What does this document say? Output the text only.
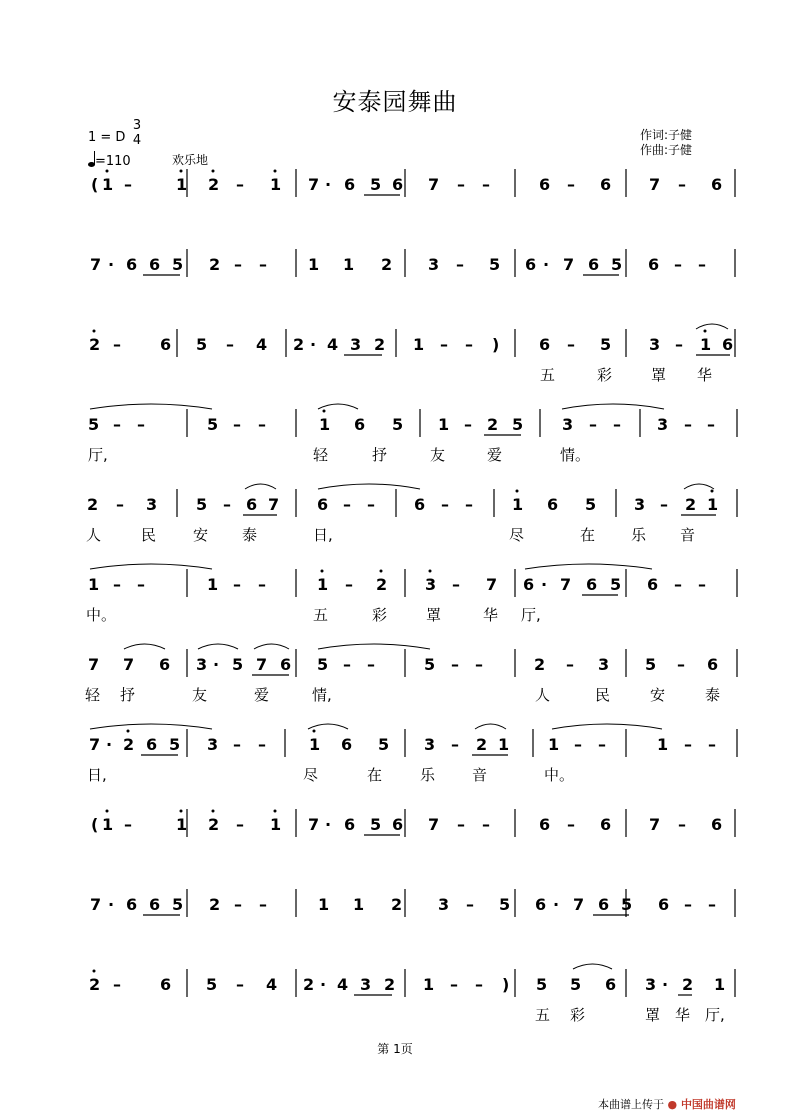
安泰园舞曲
1 = D
3
4
=110	欢乐地
作词:子健
作曲:子健
( 1 –	1 2 – 1 7 · 6 5 6 7 – –	6 – 6 7 – 6
7 · 6 6 5 2 – –	1 1 2 3 – 5 6 · 7 6 5 6 – –
2 – 6 5 – 4 2 · 4 3 2 1 – – ) 6 – 5 3 – 1 6
五	彩	罩 华
5 – –	5 – –	1 6 5 1 – 2 5 3 – – 3 – –
厅,	轻	抒	友	爱	情。
2 – 3 5 – 6 7 6 – – 6 – – 1 6 5 3 – 2 1
人	民 安 泰	日,	尽	在 乐 音
1 – –	1 – –	1 – 2 3 – 7 6 · 7 6 5 6 – –
中。	五	彩	罩	华 厅,
7 7 6 3 · 5 7 6 5 – –	5 – –	2 – 3 5 – 6
轻 抒	友	爱	情,	人	民	安	泰
7 · 2 6 5 3 – –	1 6 5 3 – 2 1 1 – –	1 – –
日,	尽	在	乐 音	中。
( 1 –	1 2 – 1 7 · 6 5 6 7 – –	6 – 6 7 – 6
7 · 6 6 5 2 – –	1 1 2 3 – 5 6 · 7 6 5 6 – –
2 – 6 5 – 4 2 · 4 3 2 1 – – ) 5 5 6 3 · 2 1
五 彩	罩 华 厅,
第 1页
本曲谱上传于 ● 中国曲谱网
